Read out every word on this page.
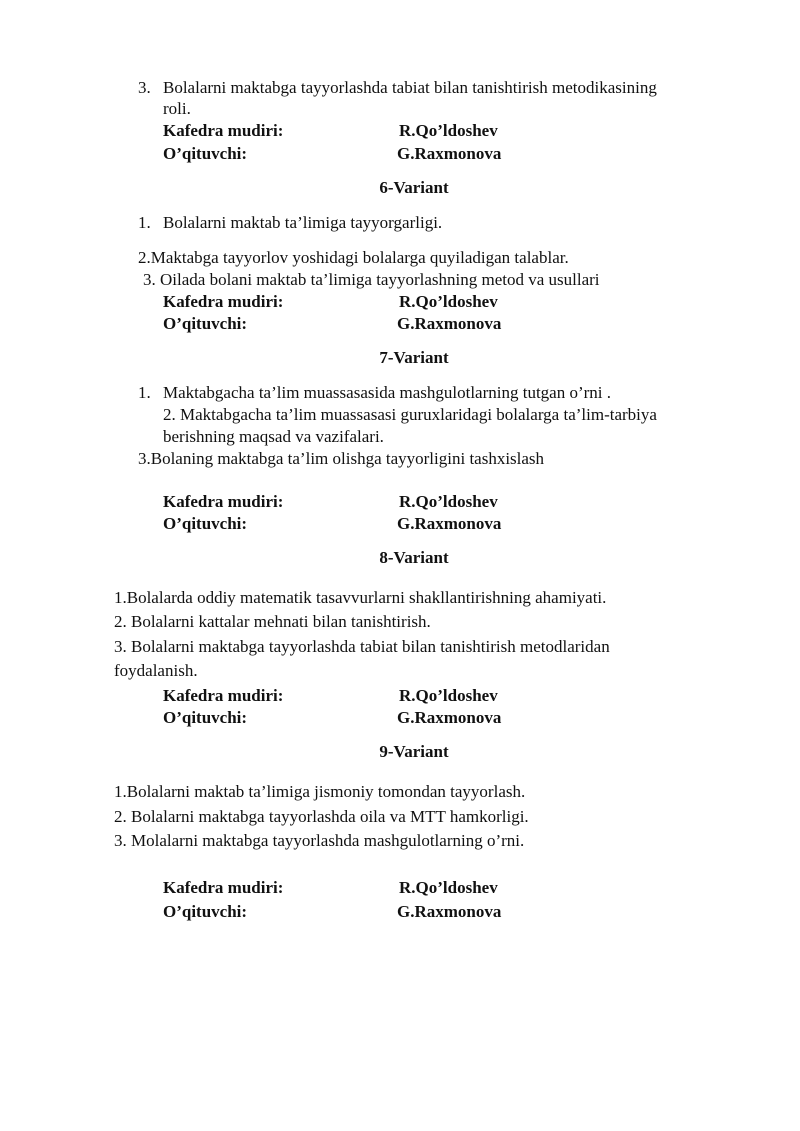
3. Bolalarni maktabga tayyorlashda tabiat bilan tanishtirish metodikasining
roli.
Kafedra mudiri:	R.Qo’ldoshev
O’qituvchi:	G.Raxmonova
6-Variant
1. Bolalarni maktab ta’limiga tayyorgarligi.
2.Maktabga tayyorlov yoshidagi bolalarga quyiladigan talablar.
3. Oilada bolani maktab ta’limiga tayyorlashning metod va usullari
Kafedra mudiri:	R.Qo’ldoshev
O’qituvchi:	G.Raxmonova
7-Variant
1. Maktabgacha ta’lim muassasasida mashgulotlarning tutgan o’rni .
2. Maktabgacha ta’lim muassasasi guruxlaridagi bolalarga ta’lim-tarbiya
berishning maqsad va vazifalari.
3.Bolaning maktabga ta’lim olishga tayyorligini tashxislash
Kafedra mudiri:	R.Qo’ldoshev
O’qituvchi:	G.Raxmonova
8-Variant
1.Bolalarda oddiy matematik tasavvurlarni shakllantirishning ahamiyati.
2. Bolalarni kattalar mehnati bilan tanishtirish.
3. Bolalarni maktabga tayyorlashda tabiat bilan tanishtirish metodlaridan
foydalanish.
Kafedra mudiri:	R.Qo’ldoshev
O’qituvchi:	G.Raxmonova
9-Variant
1.Bolalarni maktab ta’limiga jismoniy tomondan tayyorlash.
2. Bolalarni maktabga tayyorlashda oila va MTT hamkorligi.
3. Molalarni maktabga tayyorlashda mashgulotlarning o’rni.
Kafedra mudiri:	R.Qo’ldoshev
O’qituvchi:	G.Raxmonova
